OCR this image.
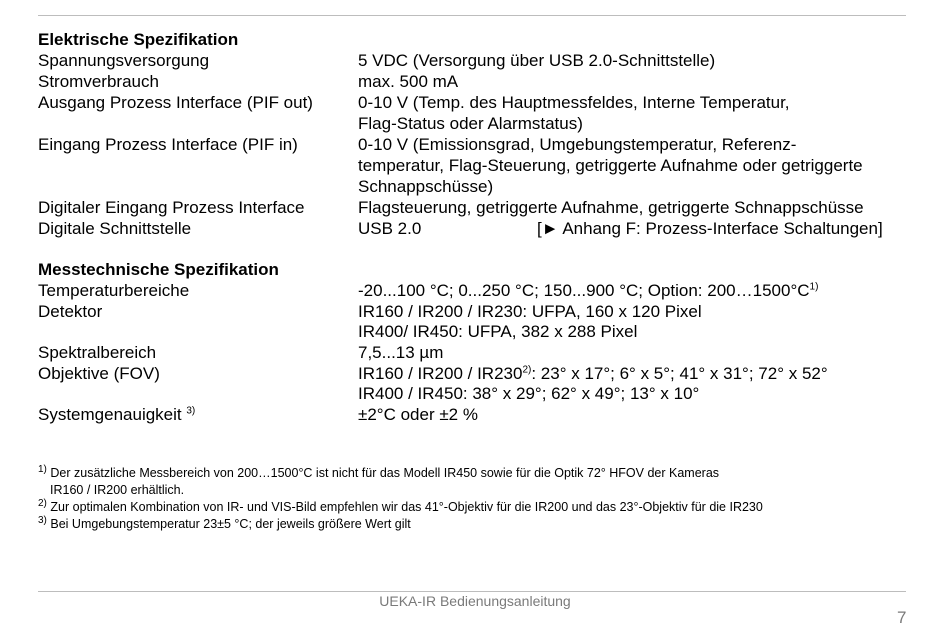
Elektrische Spezifikation
Spannungsversorgung	5 VDC (Versorgung über USB 2.0-Schnittstelle)
Stromverbrauch	max. 500 mA
Ausgang Prozess Interface (PIF out)	0-10 V (Temp. des Hauptmessfeldes, Interne Temperatur,
Flag-Status oder Alarmstatus)
Eingang Prozess Interface (PIF in)	0-10 V (Emissionsgrad, Umgebungstemperatur, Referenz-
temperatur, Flag-Steuerung, getriggerte Aufnahme oder getriggerte
Schnappschüsse)
Digitaler Eingang Prozess Interface	Flagsteuerung, getriggerte Aufnahme, getriggerte Schnappschüsse
Digitale Schnittstelle	USB 2.0	[► Anhang F: Prozess-Interface Schaltungen]
Messtechnische Spezifikation
Temperaturbereiche	-20...100 °C; 0...250 °C; 150...900 °C; Option: $200\dots 1500^\circ C^{1)}$
Detektor	IR160 / IR200 / IR230: UFPA, 160 x 120 Pixel
IR400/ IR450: UFPA, 382 x 288 Pixel
Spektralbereich	7,5...13 µm
Objektive (FOV)	IR160 / IR200 / IR230$^{2)}$: 23° x 17°; 6° x 5°; 41° x 31°; 72° x 52°
IR400 / IR450: 38° x 29°; 62° x 49°; 13° x 10°
Systemgenauigkeit $^{3)}$	±2°C oder ±2 %
$^{1)}$ Der zusätzliche Messbereich von 200…1500°C ist nicht für das Modell IR450 sowie für die Optik 72° HFOV der Kameras
IR160 / IR200 erhältlich.
$^{2)}$ Zur optimalen Kombination von IR- und VIS-Bild empfehlen wir das 41°-Objektiv für die IR200 und das 23°-Objektiv für die IR230
$^{3)}$ Bei Umgebungstemperatur 23±5 °C; der jeweils größere Wert gilt
UEKA-IR Bedienungsanleitung
7
